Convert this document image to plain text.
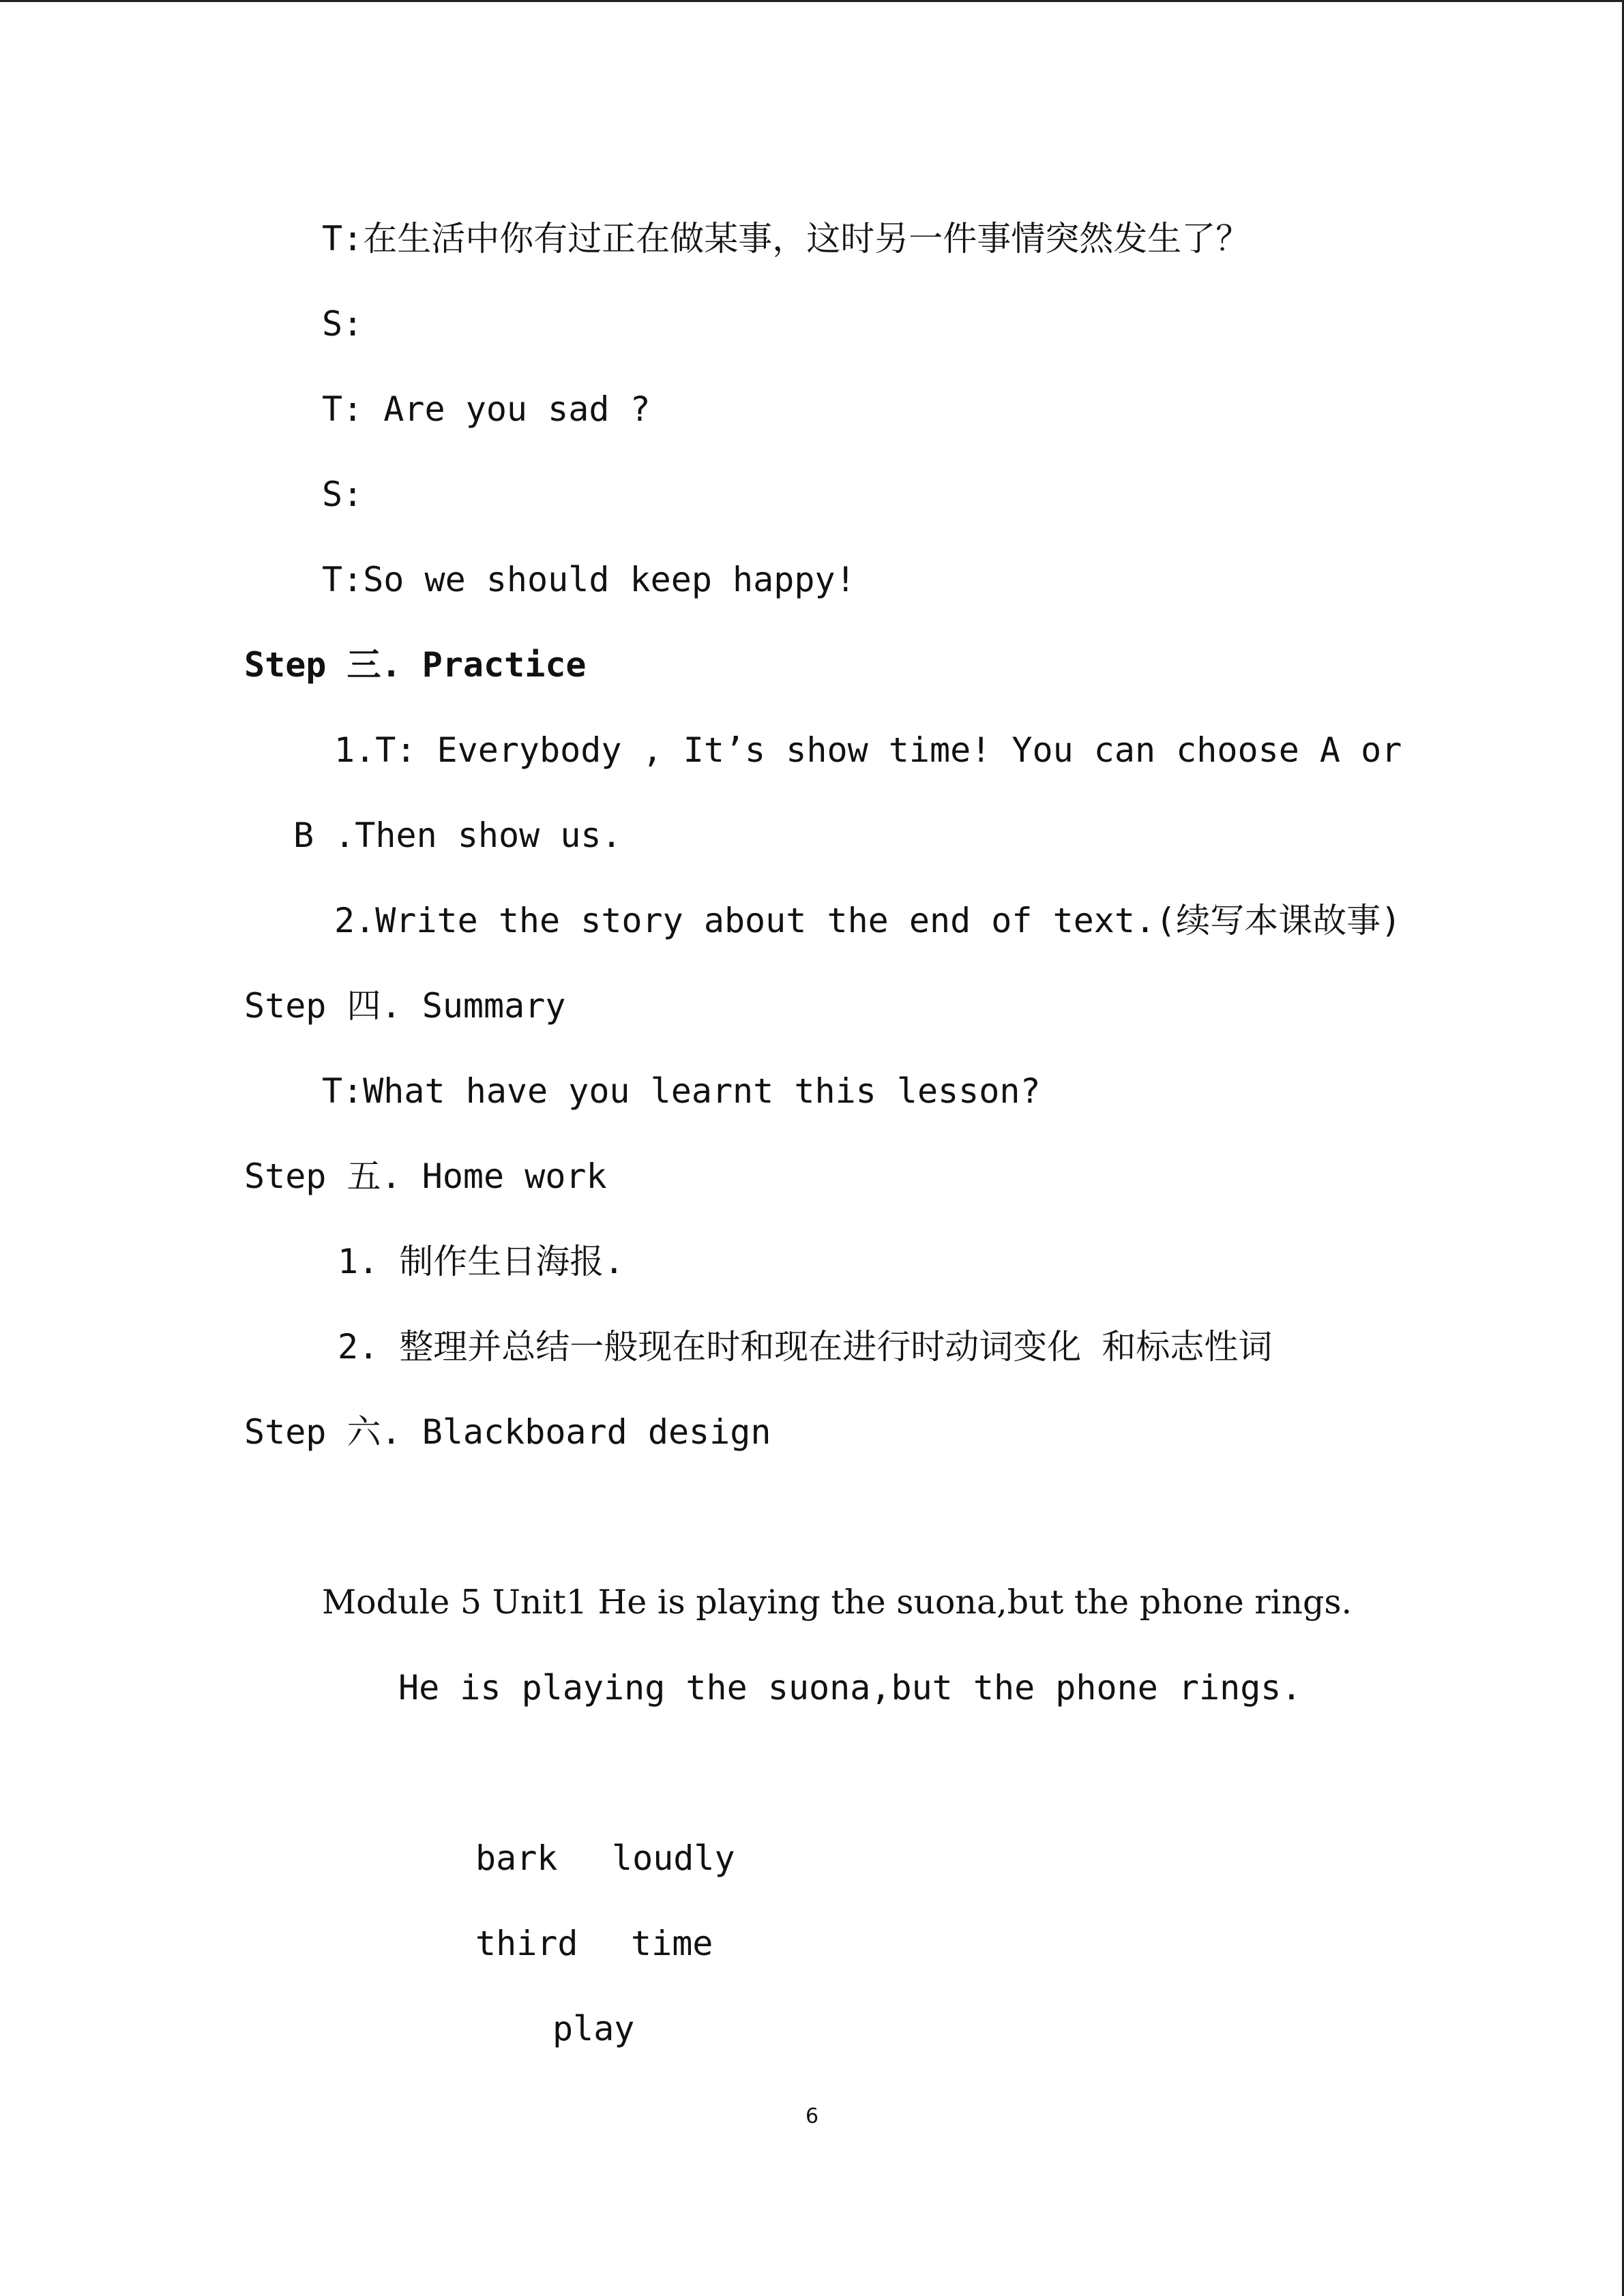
T:在生活中你有过正在做某事，这时另一件事情突然发生了？
S:
T: Are you sad ?
S:
T:So we should keep happy!
Step 三. Practice
1.T: Everybody , It’s show time! You can choose A or
B .Then show us.
2.Write the story about the end of text.(续写本课故事)
Step 四. Summary
T:What have you learnt this lesson?
Step 五. Home work
1. 制作生日海报.
2. 整理并总结一般现在时和现在进行时动词变化 和标志性词
Step 六. Blackboard design
Module 5 Unit1 He is playing the suona,but the phone rings.
He is playing the suona,but the phone rings.
bark loudly
third time
play
6
